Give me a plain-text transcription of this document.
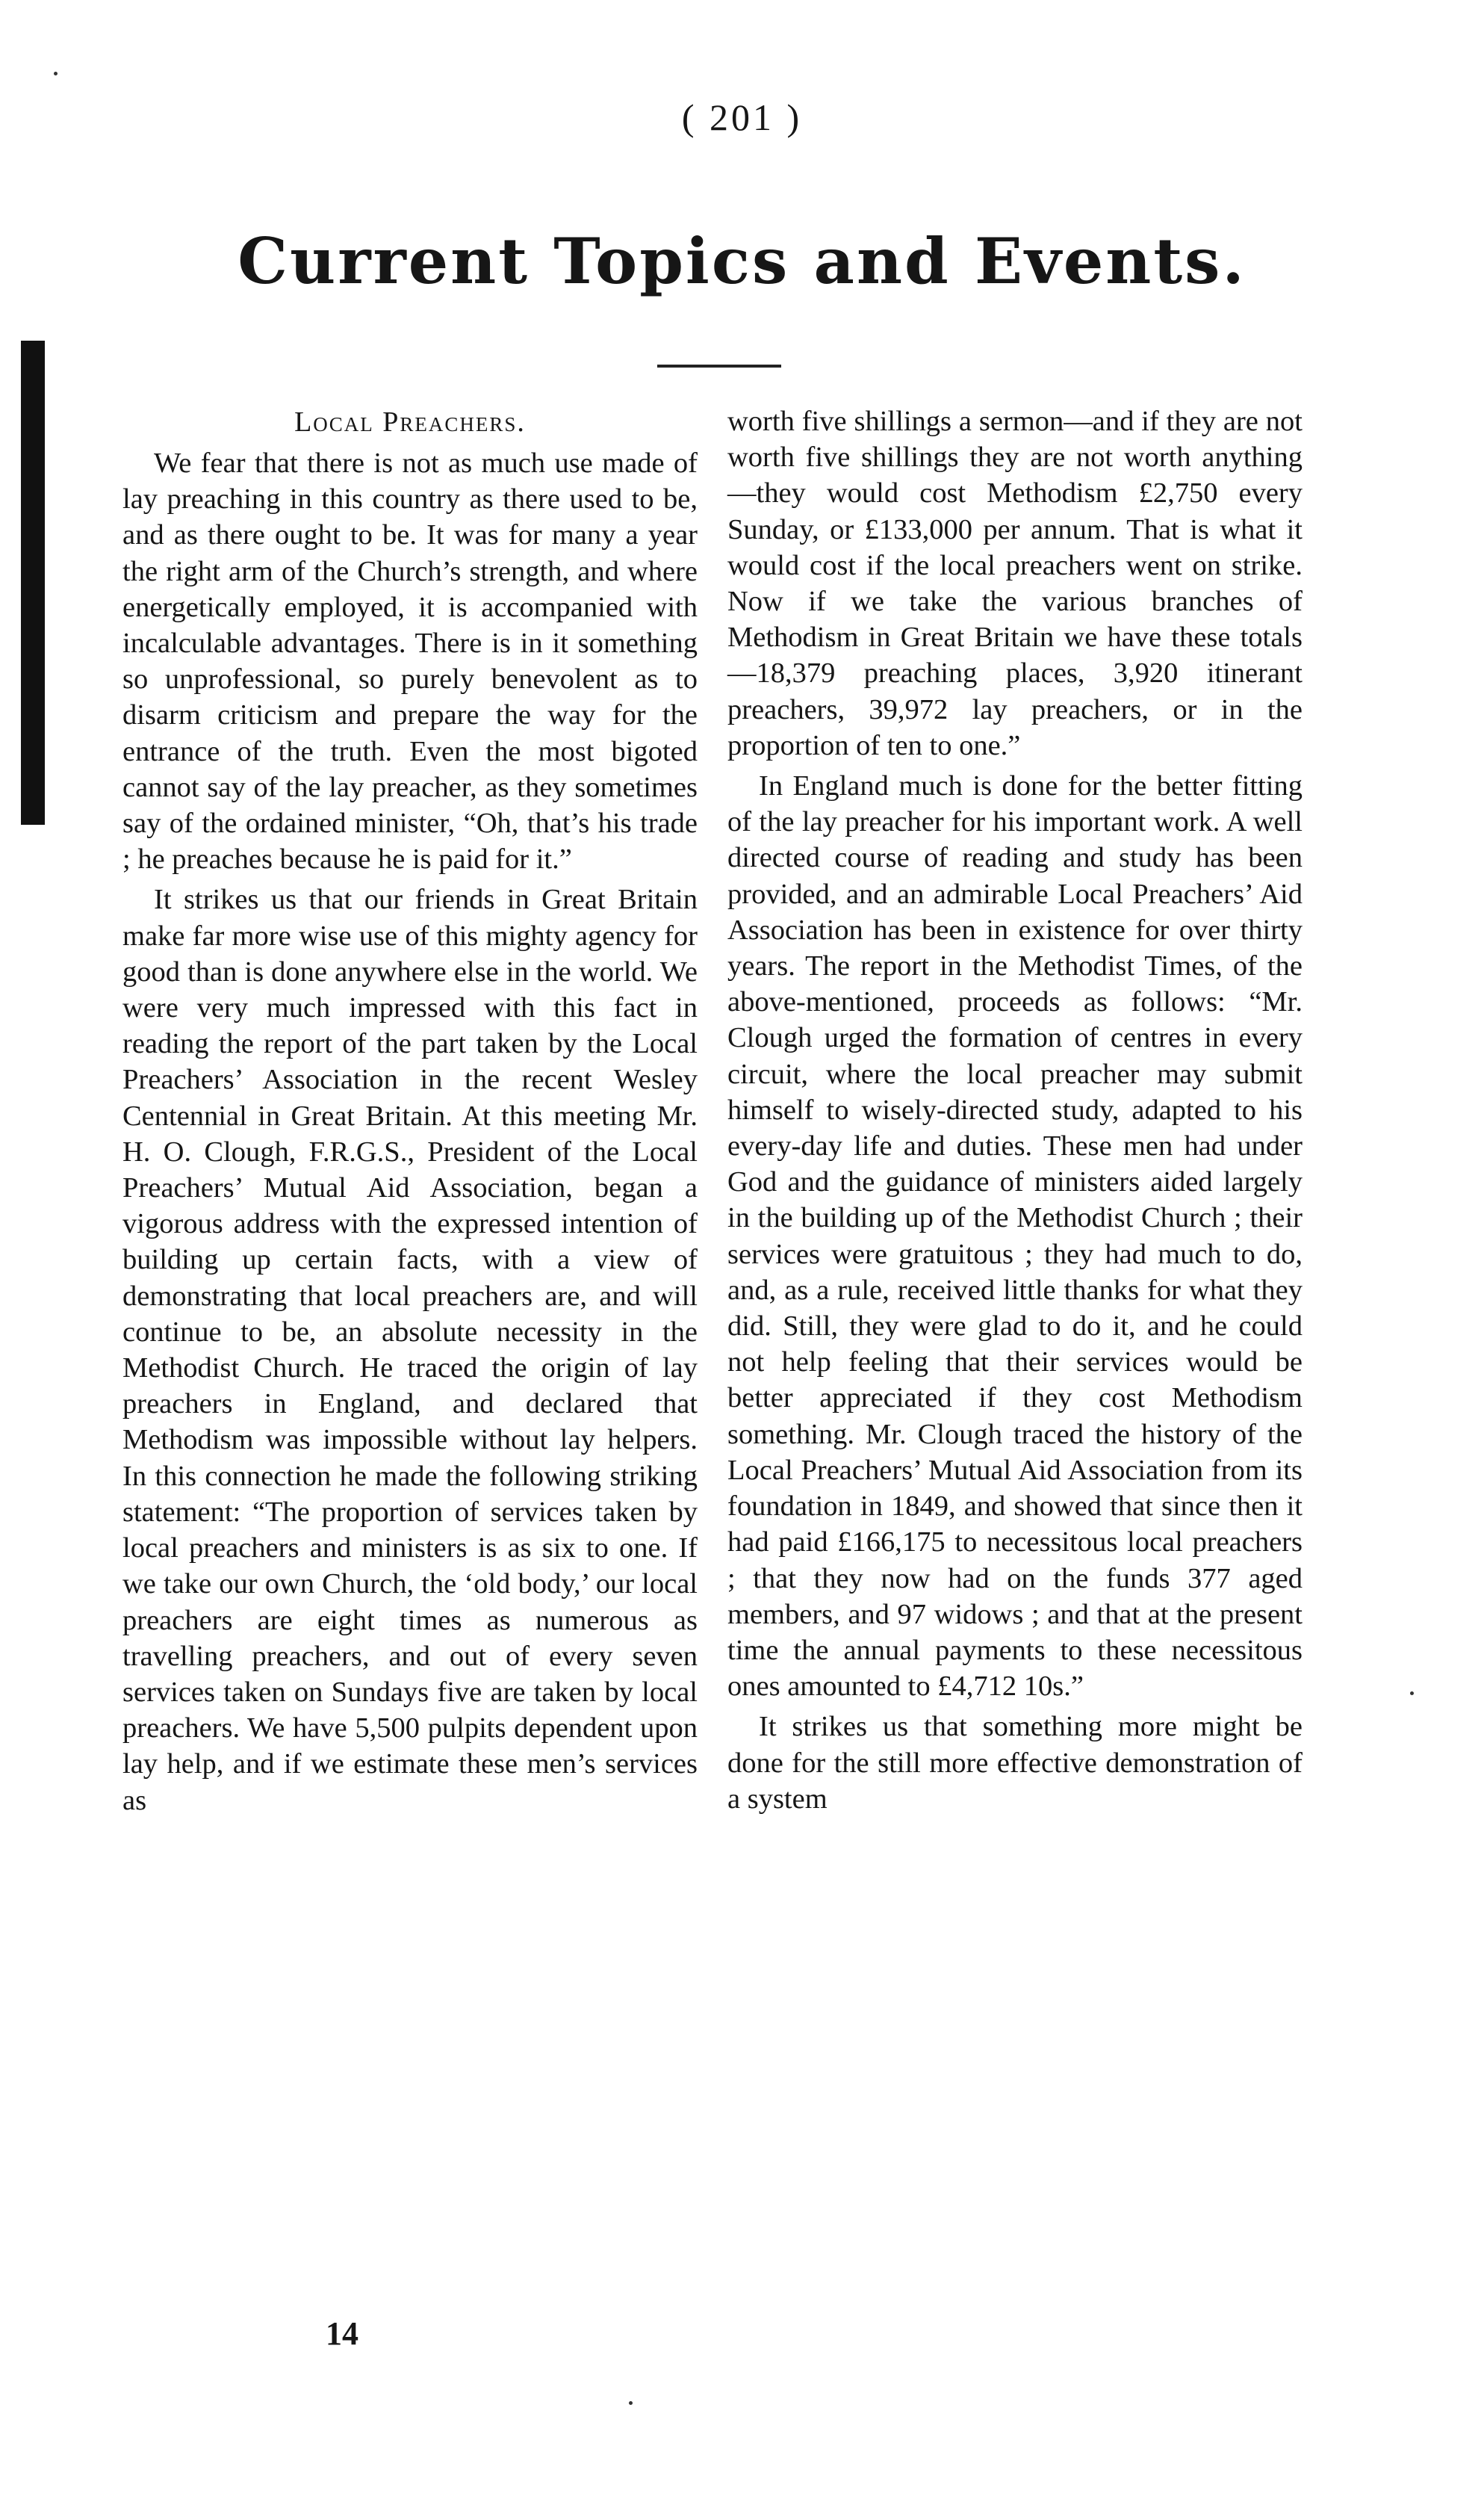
( 201 )

Current Topics and Events.
Local Preachers.

We fear that there is not as much use made of lay preaching in this country as there used to be, and as there ought to be. It was for many a year the right arm of the Church’s strength, and where energetically employed, it is accompanied with incalculable advantages. There is in it something so unprofessional, so purely benevolent as to disarm criticism and prepare the way for the entrance of the truth. Even the most bigoted cannot say of the lay preacher, as they sometimes say of the ordained minister, “Oh, that’s his trade ; he preaches because he is paid for it.”

It strikes us that our friends in Great Britain make far more wise use of this mighty agency for good than is done anywhere else in the world. We were very much impressed with this fact in reading the report of the part taken by the Local Preachers’ Association in the recent Wesley Centennial in Great Britain. At this meeting Mr. H. O. Clough, F.R.G.S., President of the Local Preachers’ Mutual Aid Association, began a vigorous address with the expressed intention of building up certain facts, with a view of demonstrating that local preachers are, and will continue to be, an absolute necessity in the Methodist Church. He traced the origin of lay preachers in England, and declared that Methodism was impossible without lay helpers. In this connection he made the following striking statement: “The proportion of services taken by local preachers and ministers is as six to one. If we take our own Church, the ‘old body,’ our local preachers are eight times as numerous as travelling preachers, and out of every seven services taken on Sundays five are taken by local preachers. We have 5,500 pulpits dependent upon lay help, and if we estimate these men’s services as

worth five shillings a sermon—and if they are not worth five shillings they are not worth anything—they would cost Methodism £2,750 every Sunday, or £133,000 per annum. That is what it would cost if the local preachers went on strike. Now if we take the various branches of Methodism in Great Britain we have these totals—18,379 preaching places, 3,920 itinerant preachers, 39,972 lay preachers, or in the proportion of ten to one.”

In England much is done for the better fitting of the lay preacher for his important work. A well directed course of reading and study has been provided, and an admirable Local Preachers’ Aid Association has been in existence for over thirty years. The report in the Methodist Times, of the above-mentioned, proceeds as follows: “Mr. Clough urged the formation of centres in every circuit, where the local preacher may submit himself to wisely-directed study, adapted to his every-day life and duties. These men had under God and the guidance of ministers aided largely in the building up of the Methodist Church ; their services were gratuitous ; they had much to do, and, as a rule, received little thanks for what they did. Still, they were glad to do it, and he could not help feeling that their services would be better appreciated if they cost Methodism something. Mr. Clough traced the history of the Local Preachers’ Mutual Aid Association from its foundation in 1849, and showed that since then it had paid £166,175 to necessitous local preachers ; that they now had on the funds 377 aged members, and 97 widows ; and that at the present time the annual payments to these necessitous ones amounted to £4,712 10s.”

It strikes us that something more might be done for the still more effective demonstration of a system

14
